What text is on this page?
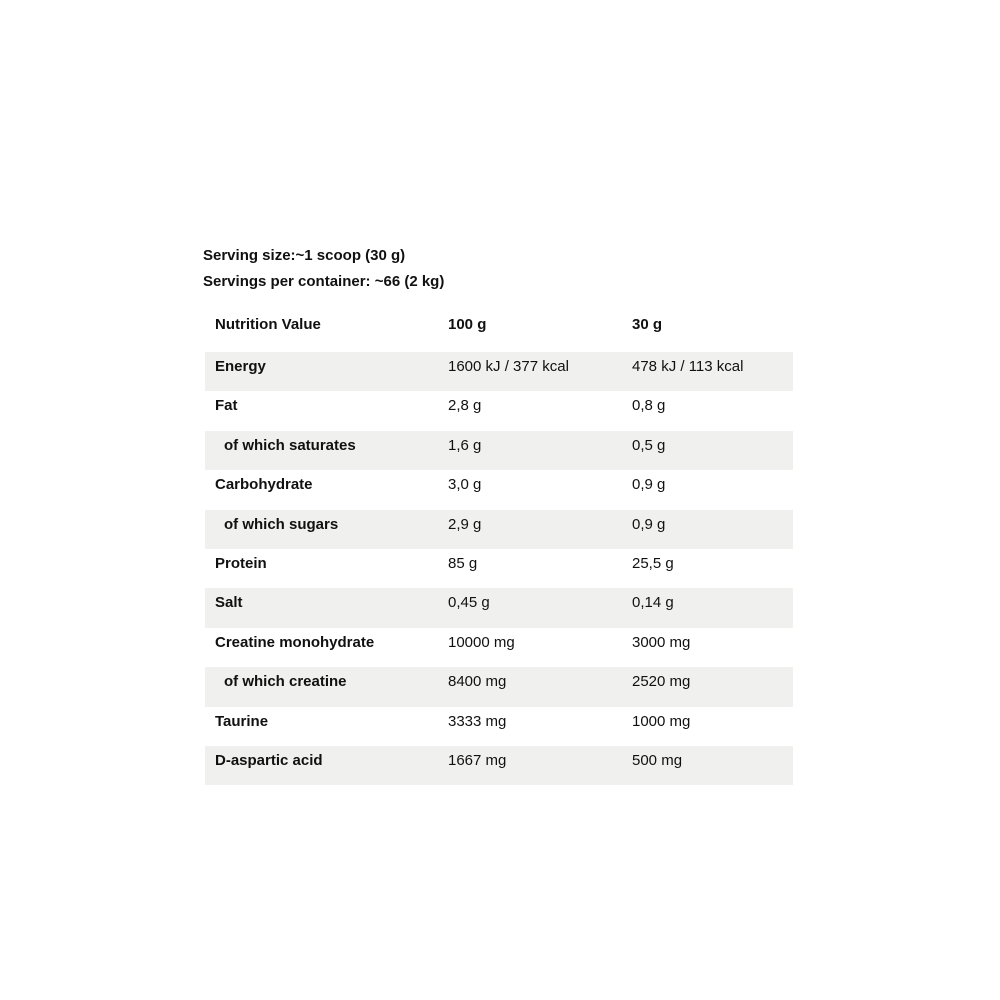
Serving size:~1 scoop (30 g)
Servings per container: ~66 (2 kg)
Nutrition Value	100 g	30 g
Energy	1600 kJ / 377 kcal	478 kJ / 113 kcal
Fat	2,8 g	0,8 g
of which saturates	1,6 g	0,5 g
Carbohydrate	3,0 g	0,9 g
of which sugars	2,9 g	0,9 g
Protein	85 g	25,5 g
Salt	0,45 g	0,14 g
Creatine monohydrate	10000 mg	3000 mg
of which creatine	8400 mg	2520 mg
Taurine	3333 mg	1000 mg
D-aspartic acid	1667 mg	500 mg
